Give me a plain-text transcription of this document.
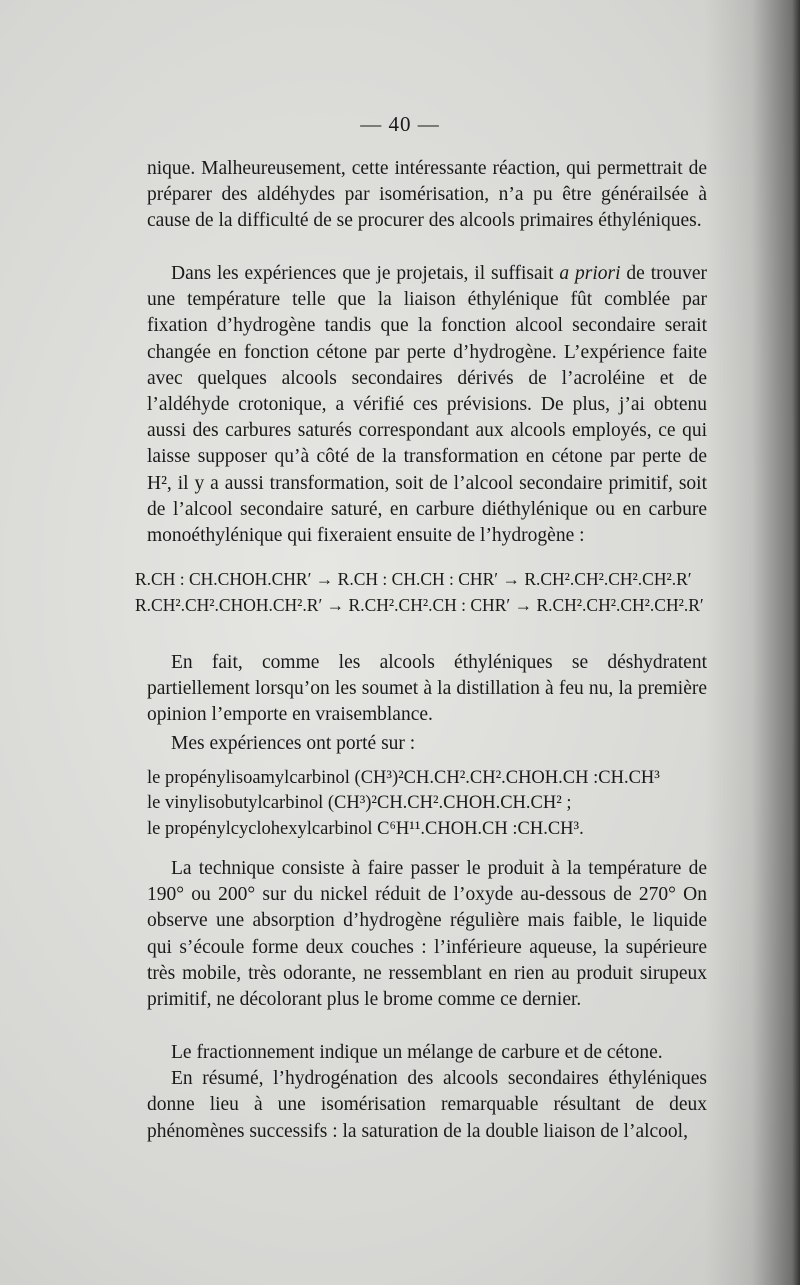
— 40 —

nique. Malheureusement, cette intéressante réaction, qui permettrait de préparer des aldéhydes par isomérisation, n’a pu être générailsée à cause de la difficulté de se procurer des alcools primaires éthyléniques.

Dans les expériences que je projetais, il suffisait a priori de trouver une température telle que la liaison éthylénique fût comblée par fixation d’hydrogène tandis que la fonction alcool secondaire serait changée en fonction cétone par perte d’hydrogène. L’expérience faite avec quelques alcools secondaires dérivés de l’acroléine et de l’aldéhyde crotonique, a vérifié ces prévisions. De plus, j’ai obtenu aussi des carbures saturés correspondant aux alcools employés, ce qui laisse supposer qu’à côté de la transformation en cétone par perte de H², il y a aussi transformation, soit de l’alcool secondaire primitif, soit de l’alcool secondaire saturé, en carbure diéthylénique ou en carbure monoéthylénique qui fixeraient ensuite de l’hydrogène :

R.CH : CH.CHOH.CHR′ → R.CH : CH.CH : CHR′ → R.CH².CH².CH².CH².R′
R.CH².CH².CHOH.CH².R′ → R.CH².CH².CH : CHR′ → R.CH².CH².CH².CH².R′

En fait, comme les alcools éthyléniques se déshydratent partiellement lorsqu’on les soumet à la distillation à feu nu, la première opinion l’emporte en vraisemblance.

Mes expériences ont porté sur :

le propénylisoamylcarbinol (CH³)²CH.CH².CH².CHOH.CH :CH.CH³
le vinylisobutylcarbinol (CH³)²CH.CH².CHOH.CH.CH² ;
le propénylcyclohexylcarbinol C⁶H¹¹.CHOH.CH :CH.CH³.

La technique consiste à faire passer le produit à la température de 190° ou 200° sur du nickel réduit de l’oxyde au-dessous de 270° On observe une absorption d’hydrogène régulière mais faible, le liquide qui s’écoule forme deux couches : l’inférieure aqueuse, la supérieure très mobile, très odorante, ne ressemblant en rien au produit sirupeux primitif, ne décolorant plus le brome comme ce dernier.

Le fractionnement indique un mélange de carbure et de cétone.

En résumé, l’hydrogénation des alcools secondaires éthyléniques donne lieu à une isomérisation remarquable résultant de deux phénomènes successifs : la saturation de la double liaison de l’alcool,
